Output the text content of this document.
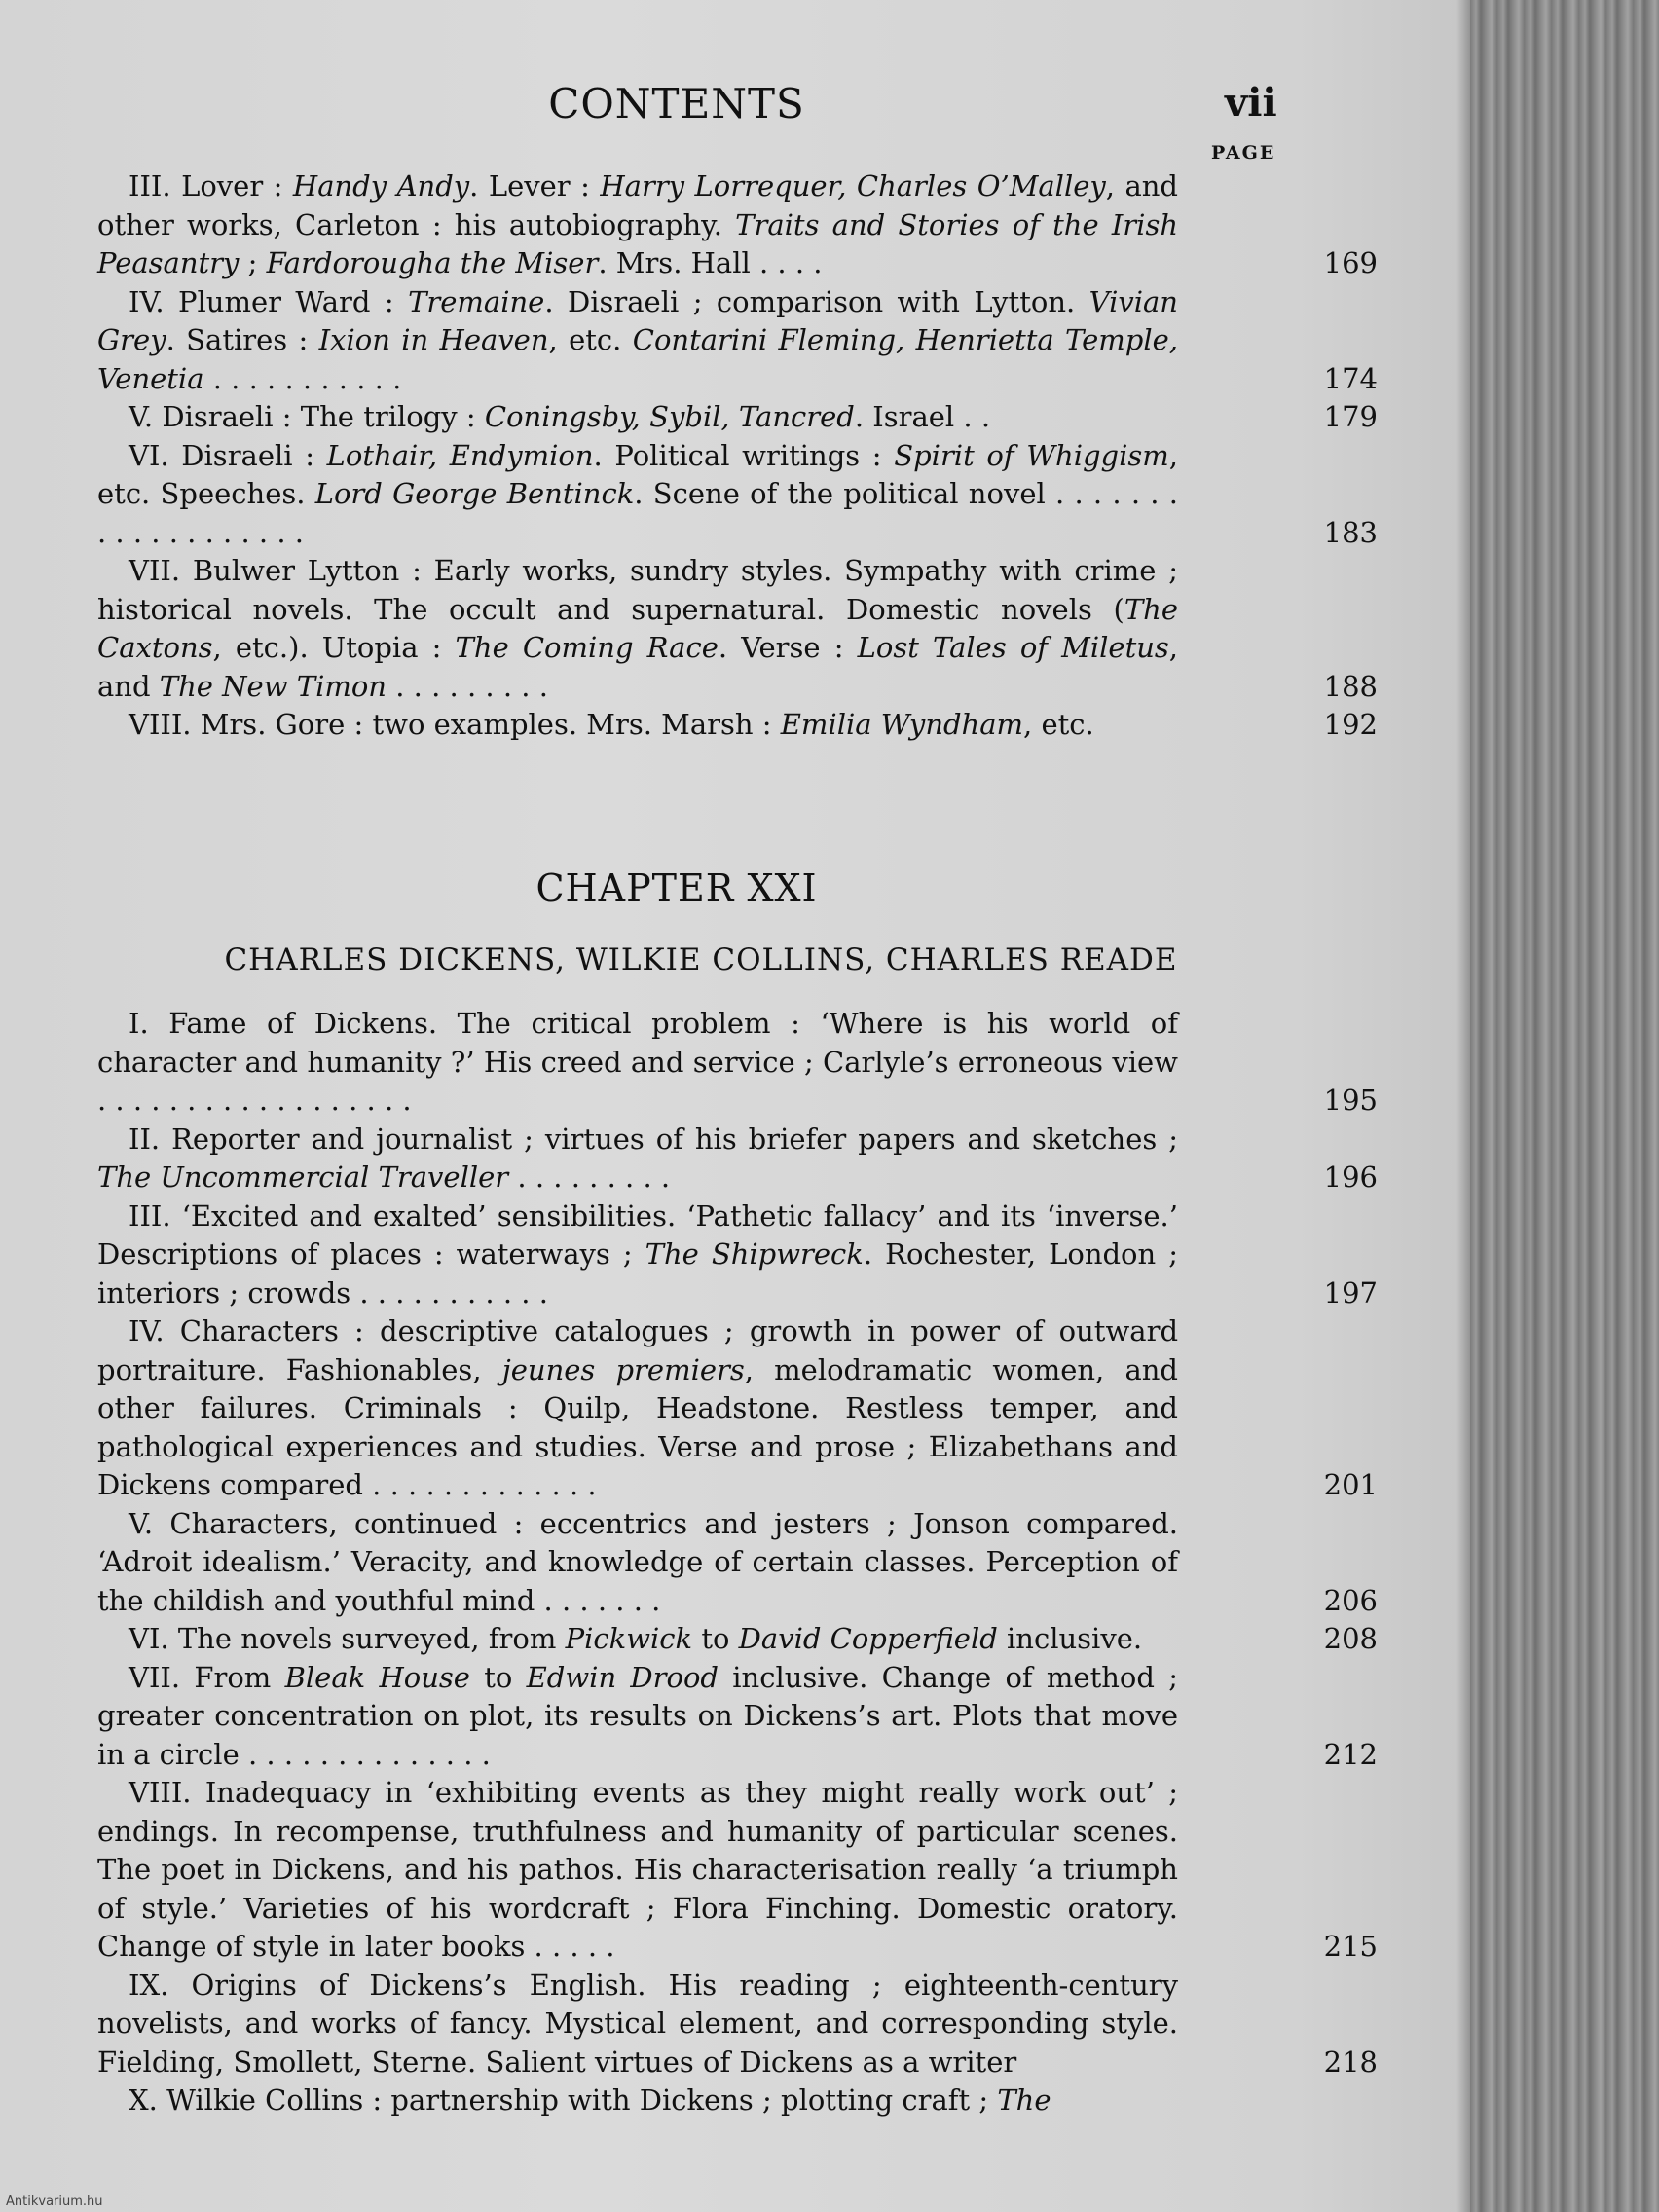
CONTENTS	vii
PAGE
III. Lover : Handy Andy. Lever : Harry Lorrequer, Charles O’Malley, and other works, Carleton : his autobiography. Traits and Stories of the Irish Peasantry ; Fardorougha the Miser. Mrs. Hall . . . .	169
IV. Plumer Ward : Tremaine. Disraeli ; comparison with Lytton. Vivian Grey. Satires : Ixion in Heaven, etc. Contarini Fleming, Henrietta Temple, Venetia . . . . . . . . . . .	174
V. Disraeli : The trilogy : Coningsby, Sybil, Tancred. Israel . .	179
VI. Disraeli : Lothair, Endymion. Political writings : Spirit of Whiggism, etc. Speeches. Lord George Bentinck. Scene of the political novel . . . . . . . . . . . . . . . . . . .	183
VII. Bulwer Lytton : Early works, sundry styles. Sympathy with crime ; historical novels. The occult and supernatural. Domestic novels (The Caxtons, etc.). Utopia : The Coming Race. Verse : Lost Tales of Miletus, and The New Timon . . . . . . . . .	188
VIII. Mrs. Gore : two examples. Mrs. Marsh : Emilia Wyndham, etc.	192
CHAPTER XXI
CHARLES DICKENS, WILKIE COLLINS, CHARLES READE
I. Fame of Dickens. The critical problem : ‘Where is his world of character and humanity ?’ His creed and service ; Carlyle’s erroneous view . . . . . . . . . . . . . . . . . .	195
II. Reporter and journalist ; virtues of his briefer papers and sketches ; The Uncommercial Traveller . . . . . . . . .	196
III. ‘Excited and exalted’ sensibilities. ‘Pathetic fallacy’ and its ‘inverse.’ Descriptions of places : waterways ; The Shipwreck. Rochester, London ; interiors ; crowds . . . . . . . . . . .	197
IV. Characters : descriptive catalogues ; growth in power of outward portraiture. Fashionables, jeunes premiers, melodramatic women, and other failures. Criminals : Quilp, Headstone. Restless temper, and pathological experiences and studies. Verse and prose ; Elizabethans and Dickens compared . . . . . . . . . . . . .	201
V. Characters, continued : eccentrics and jesters ; Jonson compared. ‘Adroit idealism.’ Veracity, and knowledge of certain classes. Perception of the childish and youthful mind . . . . . . .	206
VI. The novels surveyed, from Pickwick to David Copperfield inclusive.	208
VII. From Bleak House to Edwin Drood inclusive. Change of method ; greater concentration on plot, its results on Dickens’s art. Plots that move in a circle . . . . . . . . . . . . . .	212
VIII. Inadequacy in ‘exhibiting events as they might really work out’ ; endings. In recompense, truthfulness and humanity of particular scenes. The poet in Dickens, and his pathos. His characterisation really ‘a triumph of style.’ Varieties of his wordcraft ; Flora Finching. Domestic oratory. Change of style in later books . . . . .	215
IX. Origins of Dickens’s English. His reading ; eighteenth-century novelists, and works of fancy. Mystical element, and corresponding style. Fielding, Smollett, Sterne. Salient virtues of Dickens as a writer	218
X. Wilkie Collins : partnership with Dickens ; plotting craft ; The
Antikvarium.hu
